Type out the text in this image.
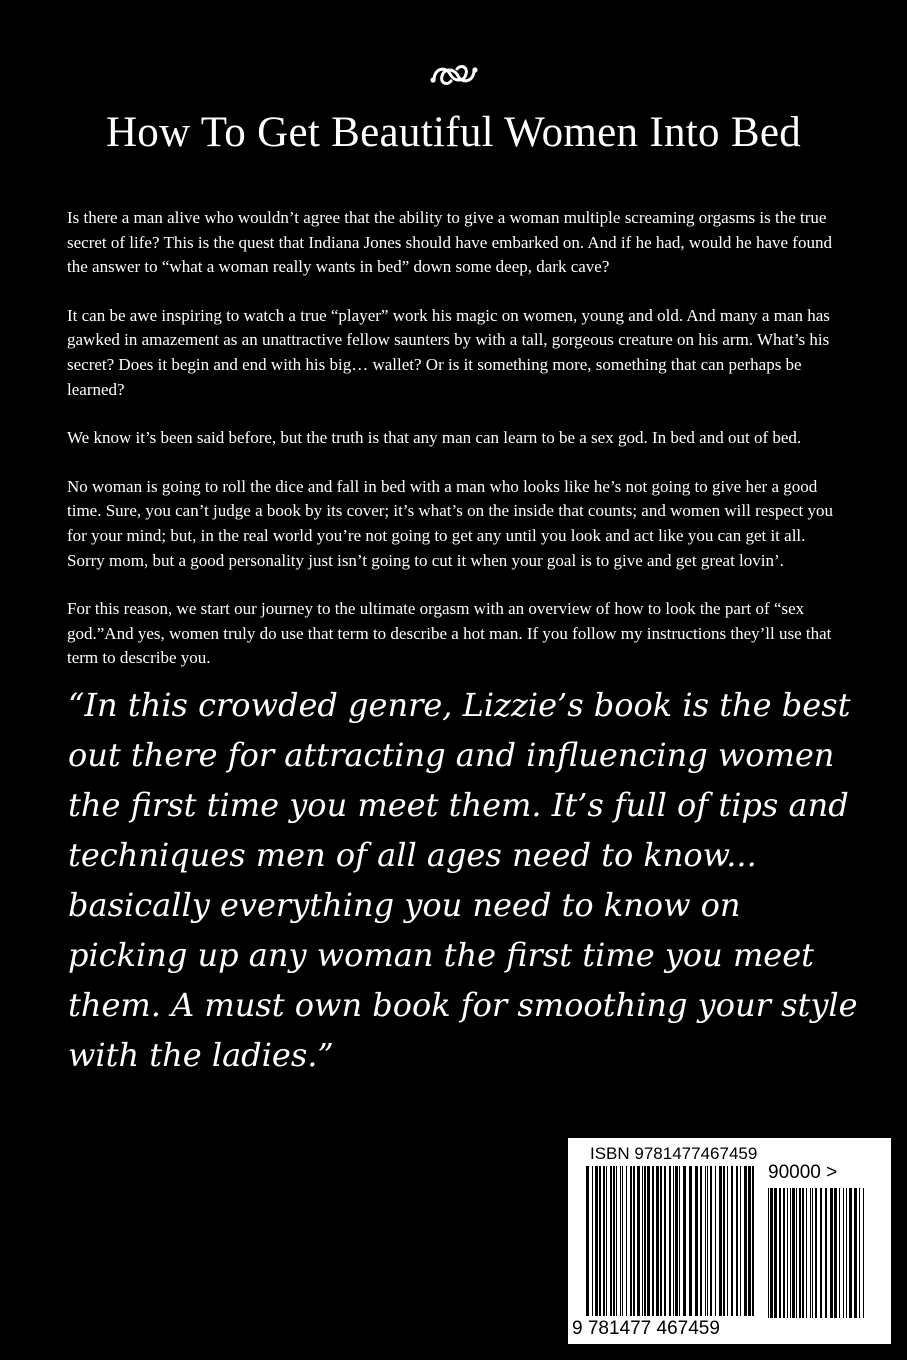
How To Get Beautiful Women Into Bed

Is there a man alive who wouldn’t agree that the ability to give a woman multiple screaming orgasms is the true secret of life? This is the quest that Indiana Jones should have embarked on. And if he had, would he have found the answer to “what a woman really wants in bed” down some deep, dark cave?

It can be awe inspiring to watch a true “player” work his magic on women, young and old. And many a man has gawked in amazement as an unattractive fellow saunters by with a tall, gorgeous creature on his arm. What’s his secret? Does it begin and end with his big… wallet? Or is it something more, something that can perhaps be learned?

We know it’s been said before, but the truth is that any man can learn to be a sex god. In bed and out of bed.

No woman is going to roll the dice and fall in bed with a man who looks like he’s not going to give her a good time. Sure, you can’t judge a book by its cover; it’s what’s on the inside that counts; and women will respect you for your mind; but, in the real world you’re not going to get any until you look and act like you can get it all. Sorry mom, but a good personality just isn’t going to cut it when your goal is to give and get great lovin’.

For this reason, we start our journey to the ultimate orgasm with an overview of how to look the part of “sex god.”And yes, women truly do use that term to describe a hot man. If you follow my instructions they’ll use that term to describe you.

“In this crowded genre, Lizzie’s book is the best out there for attracting and influencing women the first time you meet them. It’s full of tips and techniques men of all ages need to know... basically everything you need to know on picking up any woman the first time you meet them. A must own book for smoothing your style with the ladies.”

ISBN 9781477467459
90000 >
9 781477 467459
